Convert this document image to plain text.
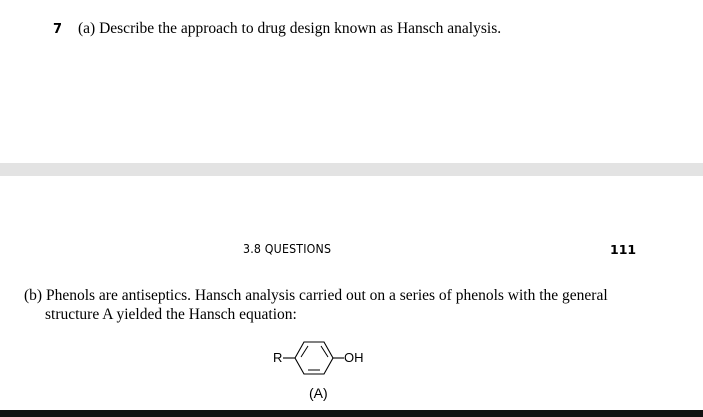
7 (a) Describe the approach to drug design known as Hansch analysis.
3.8 QUESTIONS	111
(b) Phenols are antiseptics. Hansch analysis carried out on a series of phenols with the general
structure A yielded the Hansch equation:
R	OH
(A)
